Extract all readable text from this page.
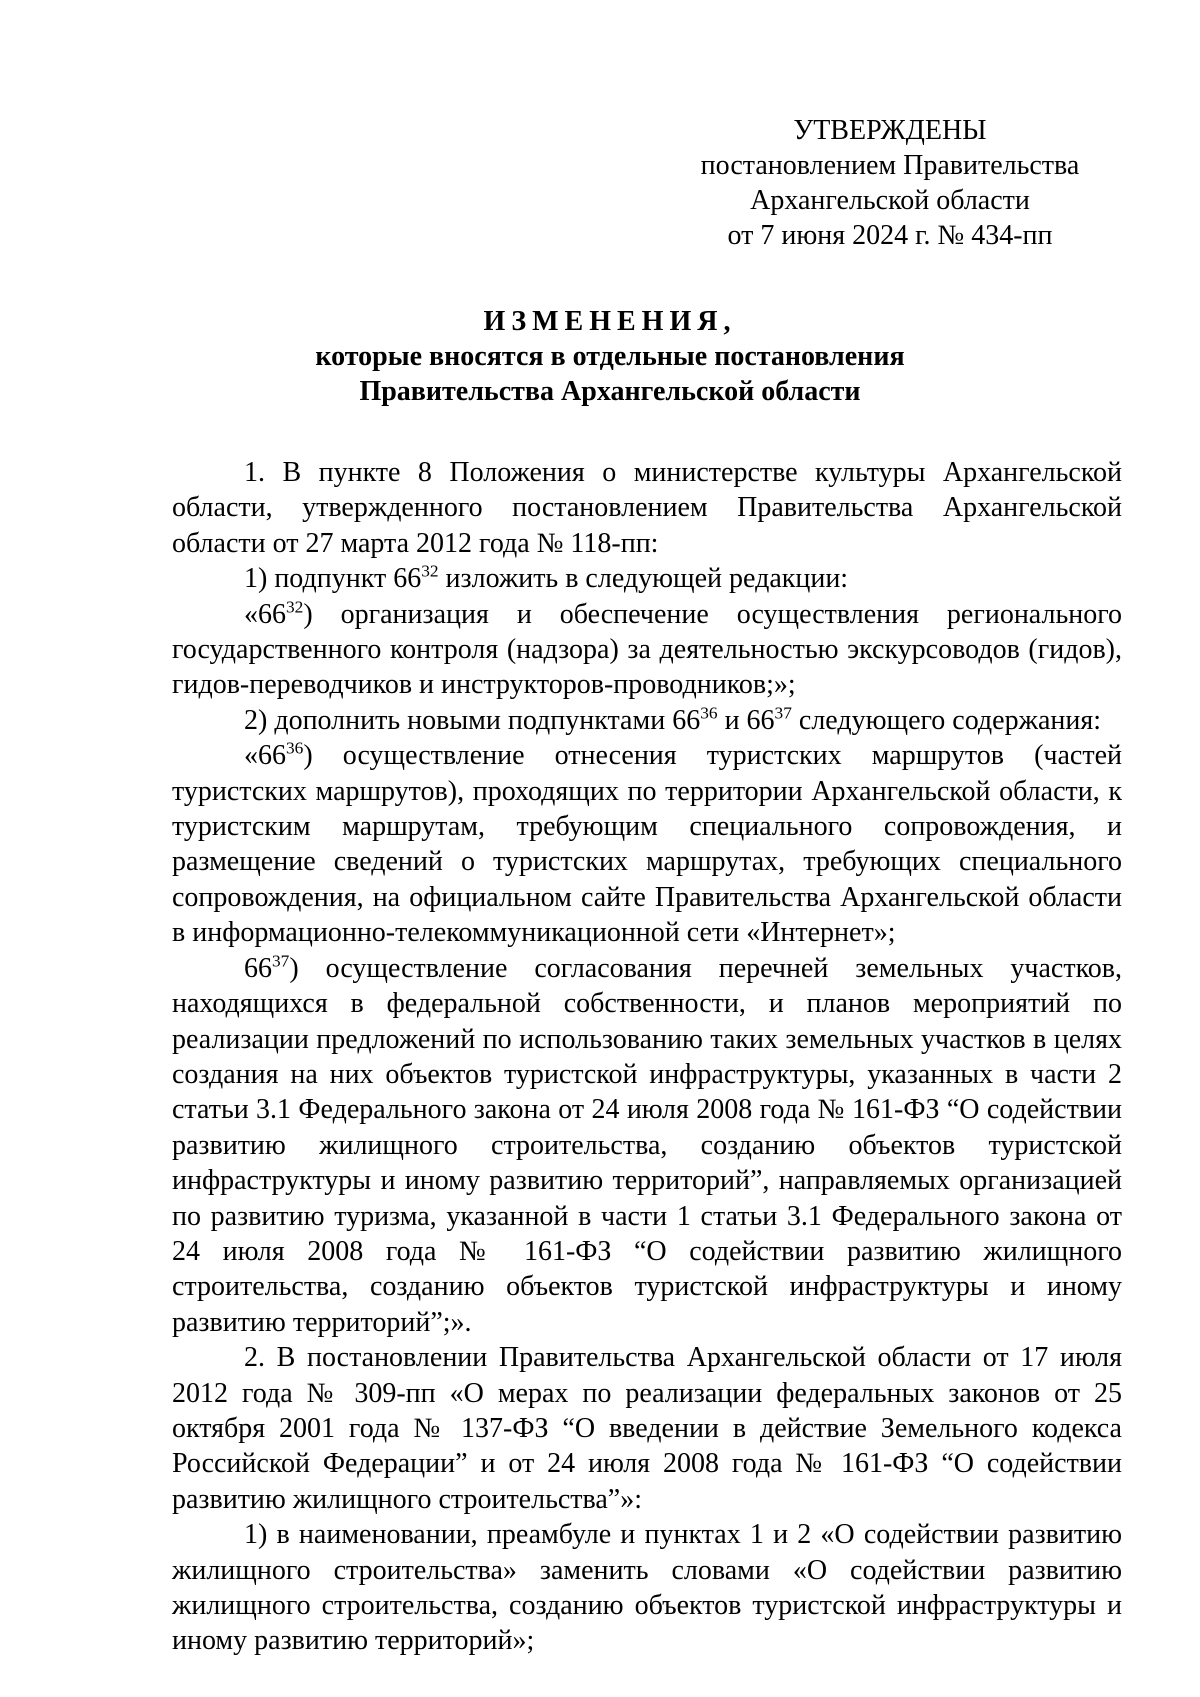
УТВЕРЖДЕНЫ
постановлением Правительства
Архангельской области
от 7 июня 2024 г. № 434-пп
ИЗМЕНЕНИЯ,
которые вносятся в отдельные постановления
Правительства Архангельской области

1. В пункте 8 Положения о министерстве культуры Архангельской области, утвержденного постановлением Правительства Архангельской области от 27 марта 2012 года № 118-пп:

1) подпункт $66^{32}$ изложить в следующей редакции:

«$66^{32}$) организация и обеспечение осуществления регионального государственного контроля (надзора) за деятельностью экскурсоводов (гидов), гидов-переводчиков и инструкторов-проводников;»;

2) дополнить новыми подпунктами $66^{36}$ и $66^{37}$ следующего содержания:

«$66^{36}$) осуществление отнесения туристских маршрутов (частей туристских маршрутов), проходящих по территории Архангельской области, к туристским маршрутам, требующим специального сопровождения, и размещение сведений о туристских маршрутах, требующих специального сопровождения, на официальном сайте Правительства Архангельской области в информационно-телекоммуникационной сети «Интернет»;

$66^{37}$) осуществление согласования перечней земельных участков, находящихся в федеральной собственности, и планов мероприятий по реализации предложений по использованию таких земельных участков в целях создания на них объектов туристской инфраструктуры, указанных в части 2 статьи 3.1 Федерального закона от 24 июля 2008 года № 161-ФЗ “О содействии развитию жилищного строительства, созданию объектов туристской инфраструктуры и иному развитию территорий”, направляемых организацией по развитию туризма, указанной в части 1 статьи 3.1 Федерального закона от 24 июля 2008 года № 161-ФЗ “О содействии развитию жилищного строительства, созданию объектов туристской инфраструктуры и иному развитию территорий”;».

2. В постановлении Правительства Архангельской области от 17 июля 2012 года № 309-пп «О мерах по реализации федеральных законов от 25 октября 2001 года № 137-ФЗ “О введении в действие Земельного кодекса Российской Федерации” и от 24 июля 2008 года № 161-ФЗ “О содействии развитию жилищного строительства”»:

1) в наименовании, преамбуле и пунктах 1 и 2 «О содействии развитию жилищного строительства» заменить словами «О содействии развитию жилищного строительства, созданию объектов туристской инфраструктуры и иному развитию территорий»;
